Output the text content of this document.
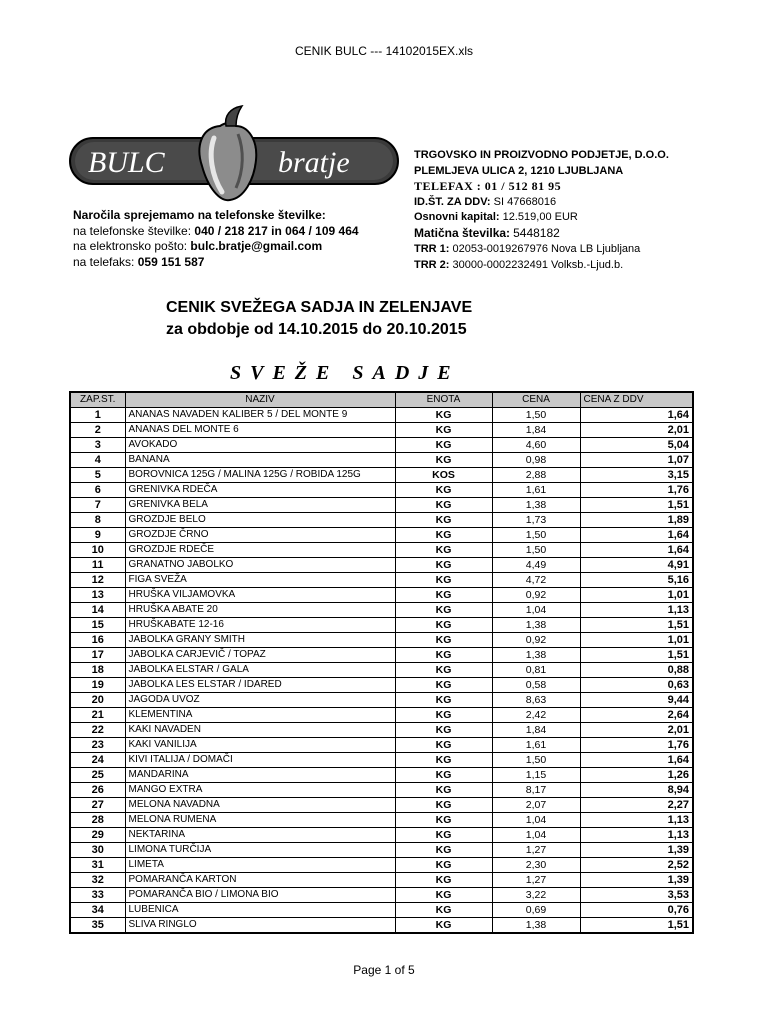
CENIK BULC --- 14102015EX.xls
BULC	bratje	TRGOVSKO IN PROIZVODNO PODJETJE, D.O.O.
PLEMLJEVA ULICA 2, 1210 LJUBLJANA
TELEFAX : 01 / 512 81 95
ID.ŠT. ZA DDV: SI 47668016
Osnovni kapital: 12.519,00 EUR
Matična številka: 5448182
TRR 1: 02053-0019267976 Nova LB Ljubljana
TRR 2: 30000-0002232491 Volksb.-Ljud.b.
Naročila sprejemamo na telefonske številke:
na telefonske številke: 040 / 218 217 in 064 / 109 464
na elektronsko pošto: bulc.bratje@gmail.com
na telefaks: 059 151 587
CENIK SVEŽEGA SADJA IN ZELENJAVE
za obdobje od 14.10.2015 do 20.10.2015
SVEŽE SADJE
ZAP.ST.	NAZIV	ENOTA	CENA	CENA Z DDV
1	ANANAS NAVADEN KALIBER 5 / DEL MONTE 9	KG	1,50	1,64
2	ANANAS DEL MONTE 6	KG	1,84	2,01
3	AVOKADO	KG	4,60	5,04
4	BANANA	KG	0,98	1,07
5	BOROVNICA 125G / MALINA 125G / ROBIDA 125G	KOS	2,88	3,15
6	GRENIVKA RDEČA	KG	1,61	1,76
7	GRENIVKA BELA	KG	1,38	1,51
8	GROZDJE BELO	KG	1,73	1,89
9	GROZDJE ČRNO	KG	1,50	1,64
10	GROZDJE RDEČE	KG	1,50	1,64
11	GRANATNO JABOLKO	KG	4,49	4,91
12	FIGA SVEŽA	KG	4,72	5,16
13	HRUŠKA VILJAMOVKA	KG	0,92	1,01
14	HRUŠKA ABATE 20	KG	1,04	1,13
15	HRUŠKABATE 12-16	KG	1,38	1,51
16	JABOLKA GRANY SMITH	KG	0,92	1,01
17	JABOLKA CARJEVIČ / TOPAZ	KG	1,38	1,51
18	JABOLKA ELSTAR / GALA	KG	0,81	0,88
19	JABOLKA LES ELSTAR / IDARED	KG	0,58	0,63
20	JAGODA UVOZ	KG	8,63	9,44
21	KLEMENTINA	KG	2,42	2,64
22	KAKI NAVADEN	KG	1,84	2,01
23	KAKI VANILIJA	KG	1,61	1,76
24	KIVI ITALIJA / DOMAČI	KG	1,50	1,64
25	MANDARINA	KG	1,15	1,26
26	MANGO EXTRA	KG	8,17	8,94
27	MELONA NAVADNA	KG	2,07	2,27
28	MELONA RUMENA	KG	1,04	1,13
29	NEKTARINA	KG	1,04	1,13
30	LIMONA TURČIJA	KG	1,27	1,39
31	LIMETA	KG	2,30	2,52
32	POMARANČA KARTON	KG	1,27	1,39
33	POMARANČA BIO / LIMONA BIO	KG	3,22	3,53
34	LUBENICA	KG	0,69	0,76
35	SLIVA RINGLO	KG	1,38	1,51
Page 1 of 5
